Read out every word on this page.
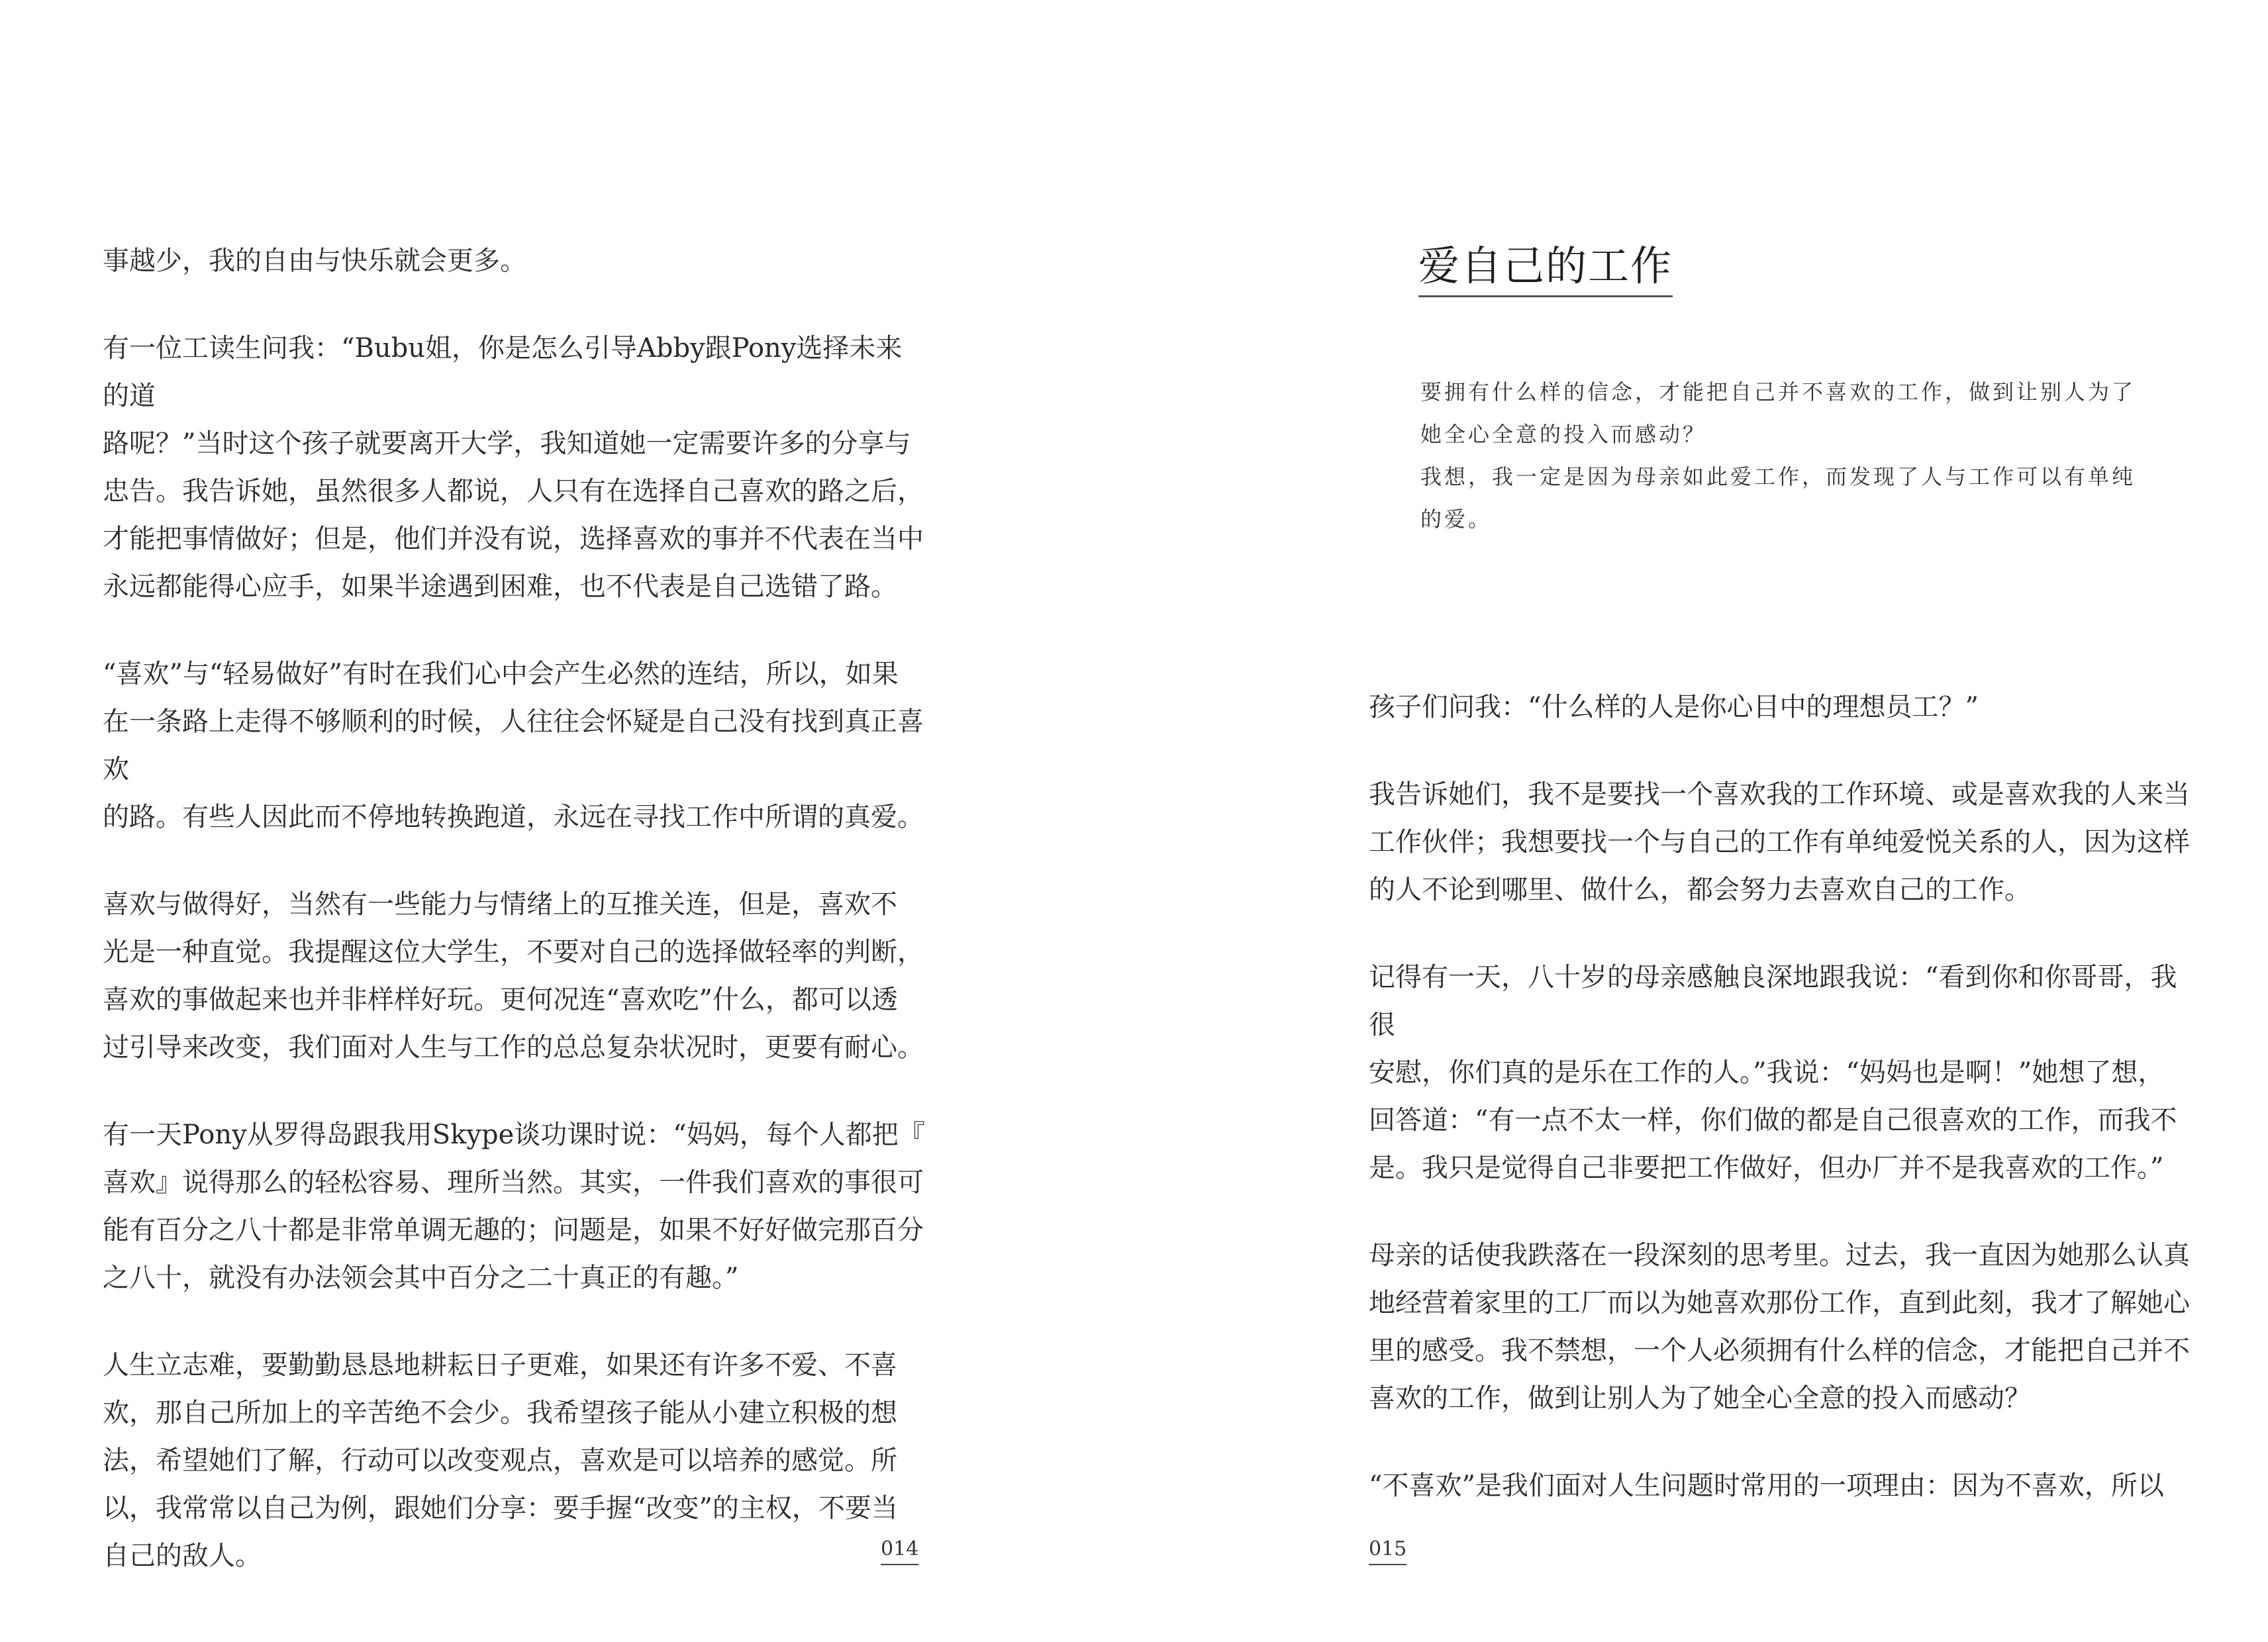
事越少，我的自由与快乐就会更多。

有一位工读生问我：“Bubu姐，你是怎么引导Abby跟Pony选择未来的道
路呢？”当时这个孩子就要离开大学，我知道她一定需要许多的分享与
忠告。我告诉她，虽然很多人都说，人只有在选择自己喜欢的路之后，
才能把事情做好；但是，他们并没有说，选择喜欢的事并不代表在当中
永远都能得心应手，如果半途遇到困难，也不代表是自己选错了路。

“喜欢”与“轻易做好”有时在我们心中会产生必然的连结，所以，如果
在一条路上走得不够顺利的时候，人往往会怀疑是自己没有找到真正喜欢
的路。有些人因此而不停地转换跑道，永远在寻找工作中所谓的真爱。

喜欢与做得好，当然有一些能力与情绪上的互推关连，但是，喜欢不
光是一种直觉。我提醒这位大学生，不要对自己的选择做轻率的判断，
喜欢的事做起来也并非样样好玩。更何况连“喜欢吃”什么，都可以透
过引导来改变，我们面对人生与工作的总总复杂状况时，更要有耐心。

有一天Pony从罗得岛跟我用Skype谈功课时说：“妈妈，每个人都把『
喜欢』说得那么的轻松容易、理所当然。其实，一件我们喜欢的事很可
能有百分之八十都是非常单调无趣的；问题是，如果不好好做完那百分
之八十，就没有办法领会其中百分之二十真正的有趣。”

人生立志难，要勤勤恳恳地耕耘日子更难，如果还有许多不爱、不喜
欢，那自己所加上的辛苦绝不会少。我希望孩子能从小建立积极的想
法，希望她们了解，行动可以改变观点，喜欢是可以培养的感觉。所
以，我常常以自己为例，跟她们分享：要手握“改变”的主权，不要当
自己的敌人。	014
爱自己的工作

要拥有什么样的信念，才能把自己并不喜欢的工作，做到让别人为了
她全心全意的投入而感动？

我想，我一定是因为母亲如此爱工作，而发现了人与工作可以有单纯
的爱。

孩子们问我：“什么样的人是你心目中的理想员工？”

我告诉她们，我不是要找一个喜欢我的工作环境、或是喜欢我的人来当
工作伙伴；我想要找一个与自己的工作有单纯爱悦关系的人，因为这样
的人不论到哪里、做什么，都会努力去喜欢自己的工作。

记得有一天，八十岁的母亲感触良深地跟我说：“看到你和你哥哥，我很
安慰，你们真的是乐在工作的人。”我说：“妈妈也是啊！”她想了想，
回答道：“有一点不太一样，你们做的都是自己很喜欢的工作，而我不
是。我只是觉得自己非要把工作做好，但办厂并不是我喜欢的工作。”

母亲的话使我跌落在一段深刻的思考里。过去，我一直因为她那么认真
地经营着家里的工厂而以为她喜欢那份工作，直到此刻，我才了解她心
里的感受。我不禁想，一个人必须拥有什么样的信念，才能把自己并不
喜欢的工作，做到让别人为了她全心全意的投入而感动？

“不喜欢”是我们面对人生问题时常用的一项理由：因为不喜欢，所以

015
